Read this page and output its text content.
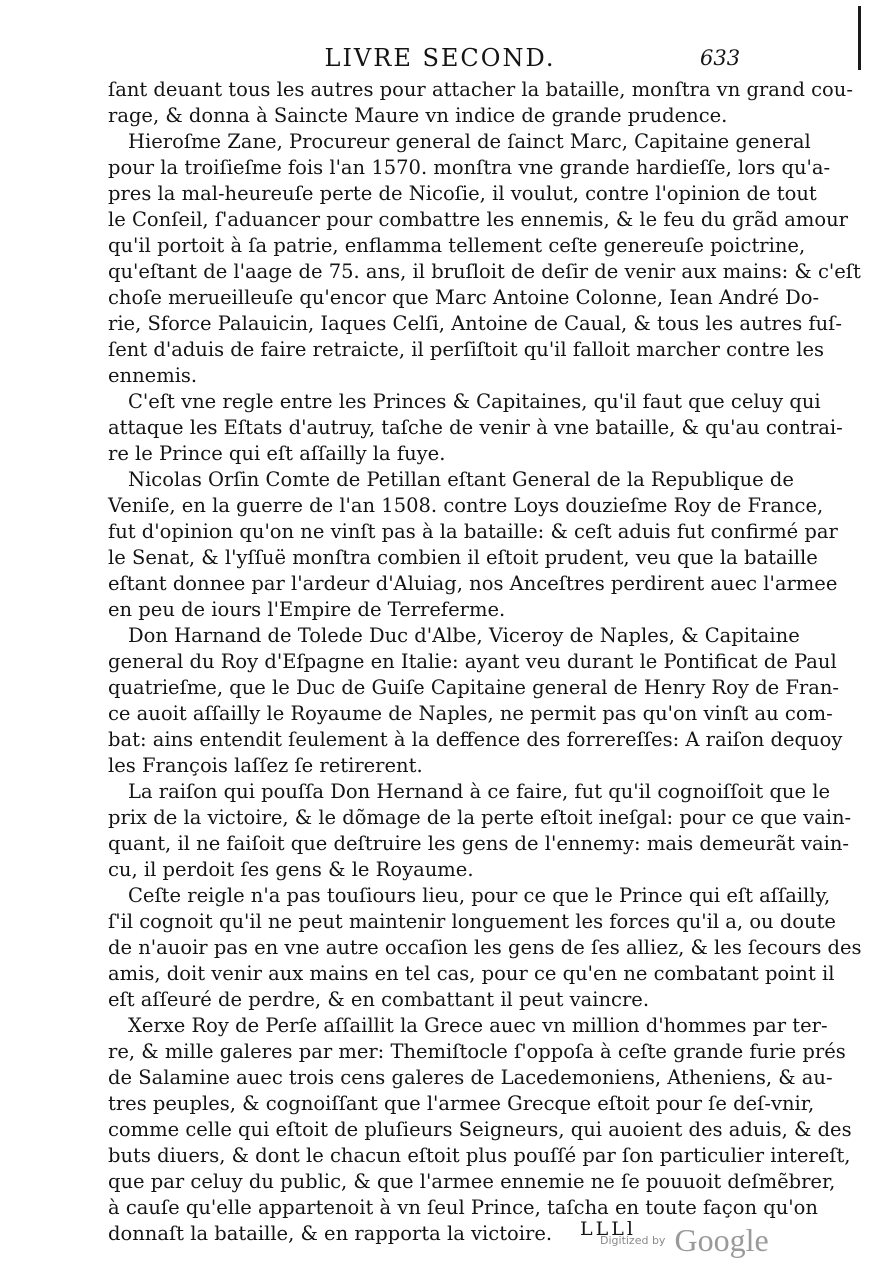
LIVRE SECOND.	633
ſant deuant tous les autres pour attacher la bataille, monſtra vn grand cou-
rage, & donna à Saincte Maure vn indice de grande prudence.
Hieroſme Zane, Procureur general de ſainct Marc, Capitaine general
pour la troiſieſme fois l'an 1570. monſtra vne grande hardieſſe, lors qu'a-
pres la mal-heureuſe perte de Nicoſie, il voulut, contre l'opinion de tout
le Conſeil, ſ'aduancer pour combattre les ennemis, & le feu du grãd amour
qu'il portoit à ſa patrie, enflamma tellement ceſte genereuſe poictrine,
qu'eſtant de l'aage de 75. ans, il bruſloit de deſir de venir aux mains: & c'eſt
choſe merueilleuſe qu'encor que Marc Antoine Colonne, Iean André Do-
rie, Sforce Palauicin, Iaques Celſi, Antoine de Caual, & tous les autres fuſ-
ſent d'aduis de faire retraicte, il perſiſtoit qu'il falloit marcher contre les
ennemis.
C'eſt vne regle entre les Princes & Capitaines, qu'il faut que celuy qui
attaque les Eſtats d'autruy, taſche de venir à vne bataille, & qu'au contrai-
re le Prince qui eſt aſſailly la fuye.
Nicolas Orſin Comte de Petillan eſtant General de la Republique de
Veniſe, en la guerre de l'an 1508. contre Loys douzieſme Roy de France,
fut d'opinion qu'on ne vinſt pas à la bataille: & ceſt aduis fut confirmé par
le Senat, & l'yſſuë monſtra combien il eſtoit prudent, veu que la bataille
eſtant donnee par l'ardeur d'Aluiag, nos Anceſtres perdirent auec l'armee
en peu de iours l'Empire de Terreferme.
Don Harnand de Tolede Duc d'Albe, Viceroy de Naples, & Capitaine
general du Roy d'Eſpagne en Italie: ayant veu durant le Pontificat de Paul
quatrieſme, que le Duc de Guiſe Capitaine general de Henry Roy de Fran-
ce auoit aſſailly le Royaume de Naples, ne permit pas qu'on vinſt au com-
bat: ains entendit ſeulement à la deffence des forrereſſes: A raiſon dequoy
les François laſſez ſe retirerent.
La raiſon qui pouſſa Don Hernand à ce faire, fut qu'il cognoiſſoit que le
prix de la victoire, & le dõmage de la perte eſtoit ineſgal: pour ce que vain-
quant, il ne faiſoit que deſtruire les gens de l'ennemy: mais demeurãt vain-
cu, il perdoit ſes gens & le Royaume.
Ceſte reigle n'a pas touſiours lieu, pour ce que le Prince qui eſt aſſailly,
ſ'il cognoit qu'il ne peut maintenir longuement les forces qu'il a, ou doute
de n'auoir pas en vne autre occaſion les gens de ſes alliez, & les ſecours des
amis, doit venir aux mains en tel cas, pour ce qu'en ne combatant point il
eſt aſſeuré de perdre, & en combattant il peut vaincre.
Xerxe Roy de Perſe aſſaillit la Grece auec vn million d'hommes par ter-
re, & mille galeres par mer: Themiſtocle ſ'oppoſa à ceſte grande furie prés
de Salamine auec trois cens galeres de Lacedemoniens, Atheniens, & au-
tres peuples, & cognoiſſant que l'armee Grecque eſtoit pour ſe deſ-vnir,
comme celle qui eſtoit de pluſieurs Seigneurs, qui auoient des aduis, & des
buts diuers, & dont le chacun eſtoit plus pouſſé par ſon particulier intereſt,
que par celuy du public, & que l'armee ennemie ne ſe pouuoit deſmẽbrer,
à cauſe qu'elle appartenoit à vn ſeul Prince, taſcha en toute façon qu'on
donnaſt la bataille, & en rapporta la victoire. LLLl
Digitized by Google
